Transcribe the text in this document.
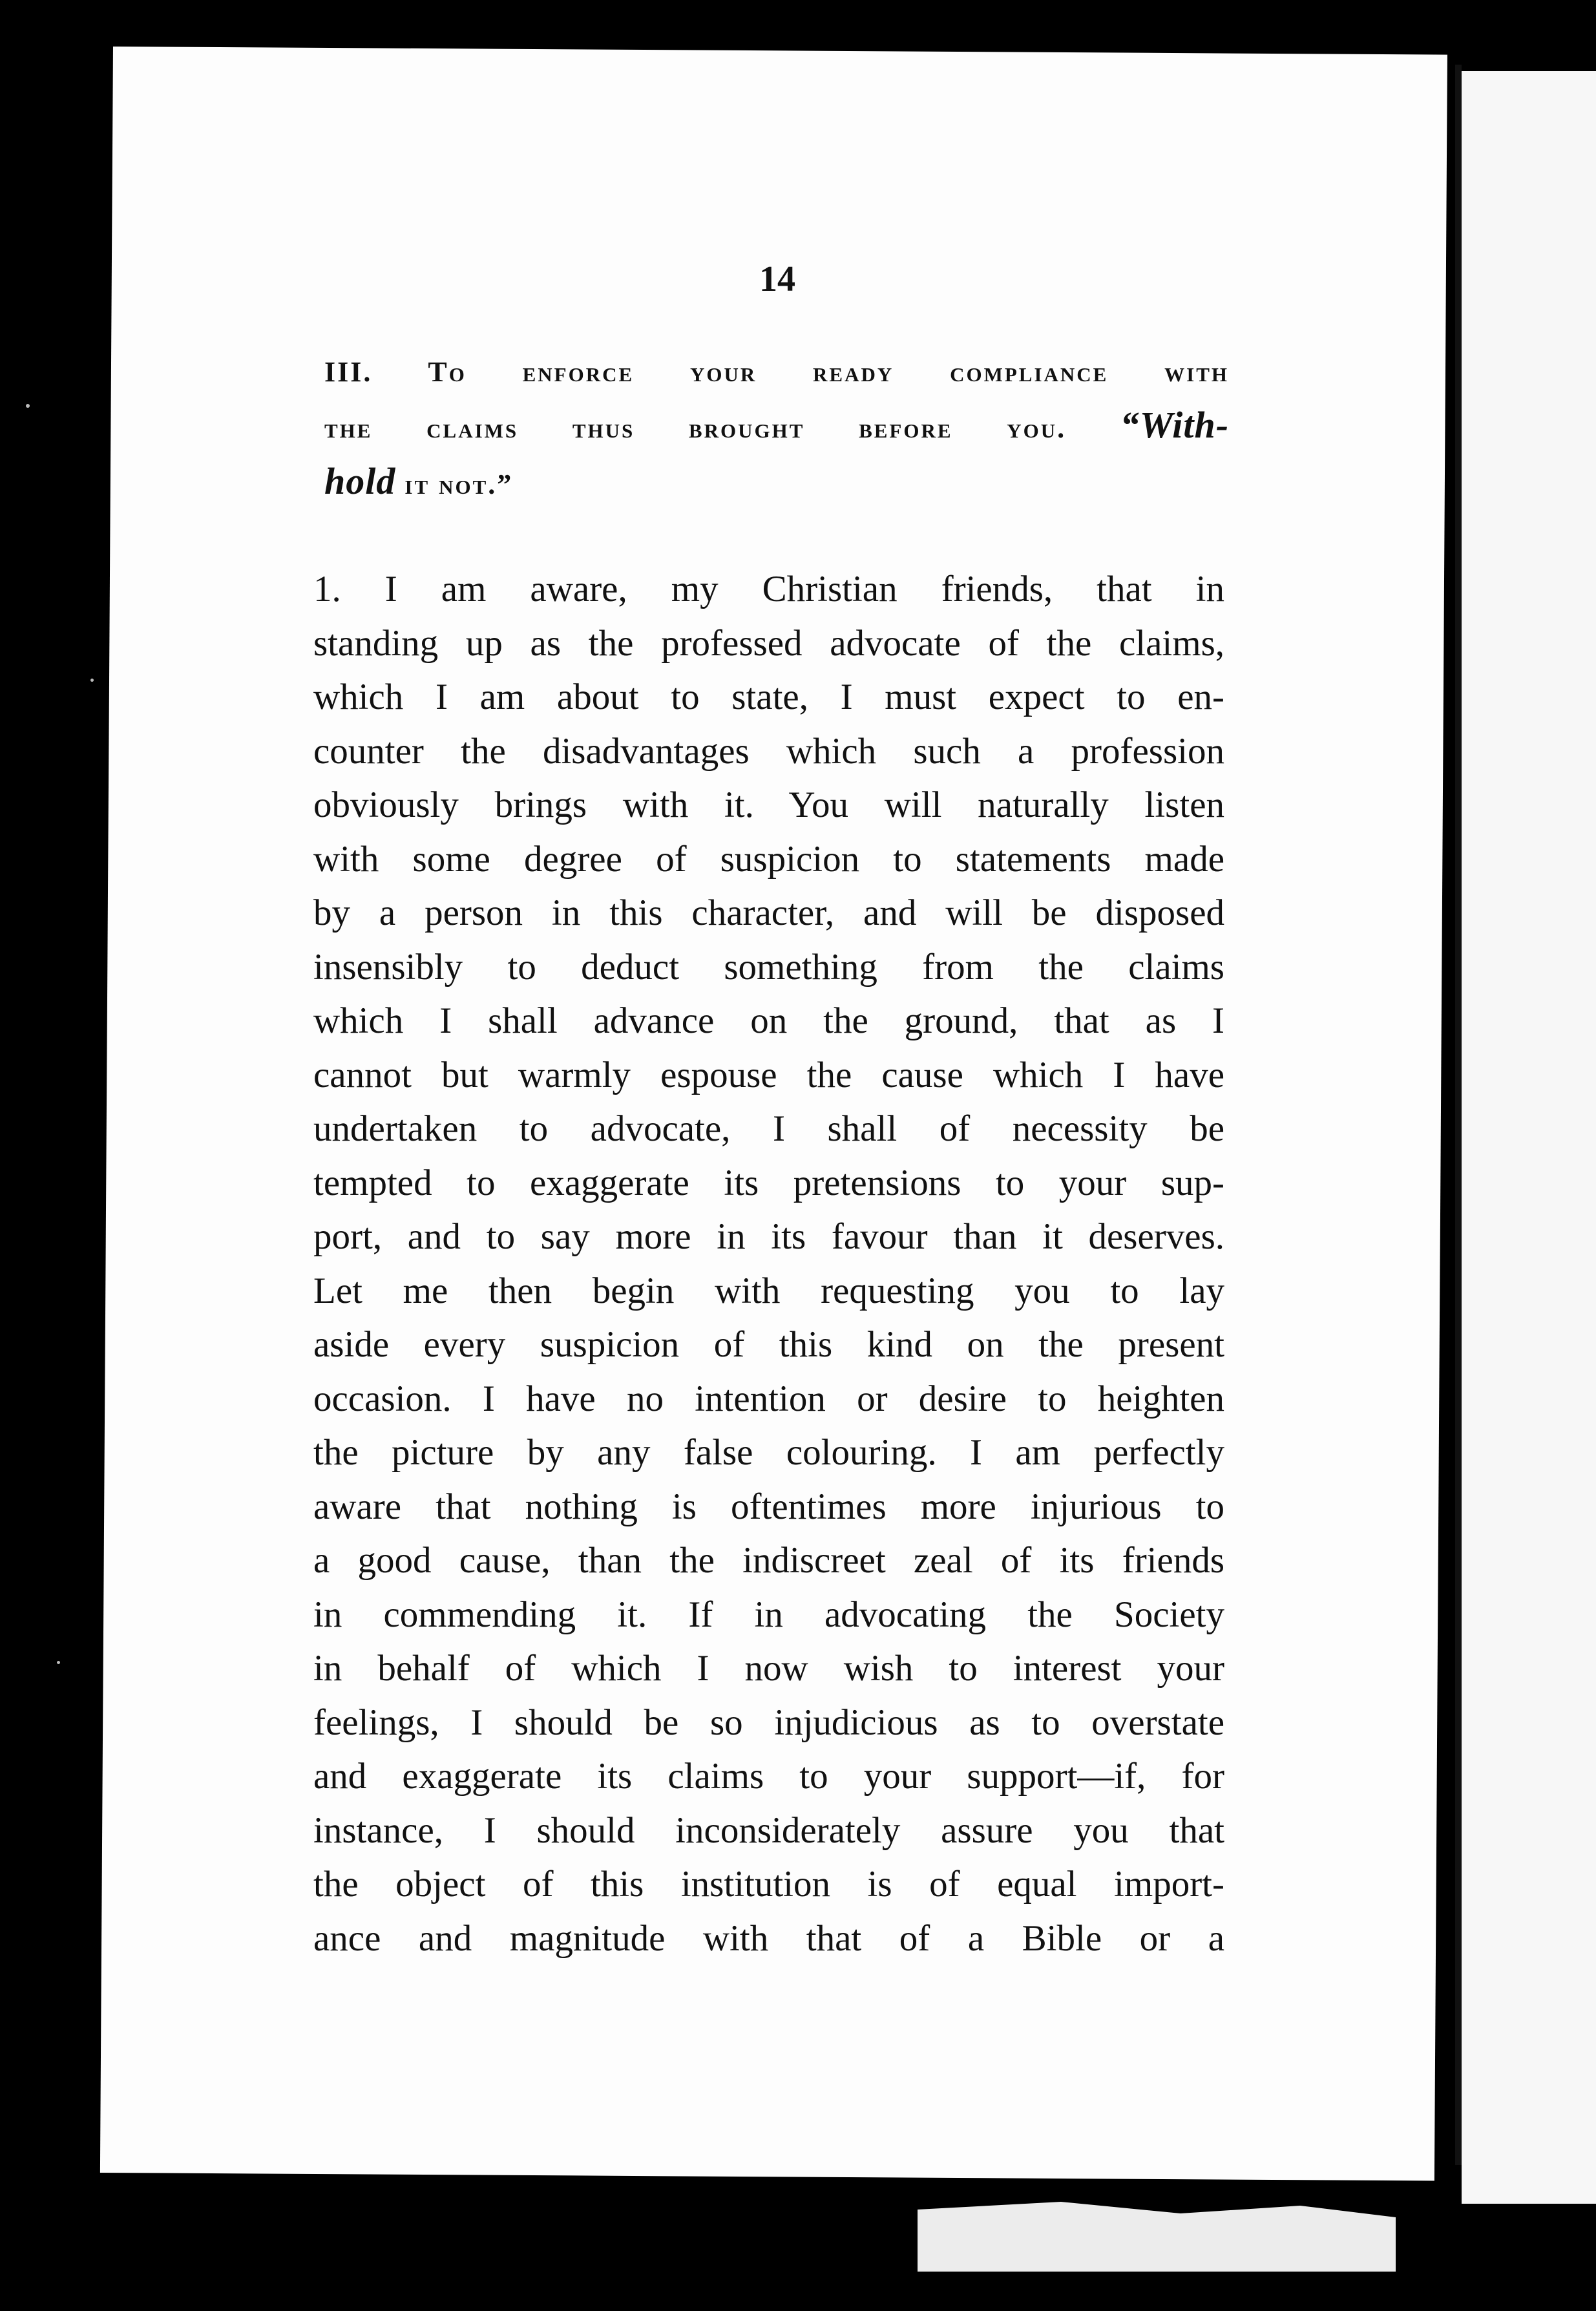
14
III. To enforce your ready compliance with
the claims thus brought before you. “With-
hold it not.”
1. I am aware, my Christian friends, that in
standing up as the professed advocate of the claims,
which I am about to state, I must expect to en-
counter the disadvantages which such a profession
obviously brings with it. You will naturally listen
with some degree of suspicion to statements made
by a person in this character, and will be disposed
insensibly to deduct something from the claims
which I shall advance on the ground, that as I
cannot but warmly espouse the cause which I have
undertaken to advocate, I shall of necessity be
tempted to exaggerate its pretensions to your sup-
port, and to say more in its favour than it deserves.
Let me then begin with requesting you to lay
aside every suspicion of this kind on the present
occasion. I have no intention or desire to heighten
the picture by any false colouring. I am perfectly
aware that nothing is oftentimes more injurious to
a good cause, than the indiscreet zeal of its friends
in commending it. If in advocating the Society
in behalf of which I now wish to interest your
feelings, I should be so injudicious as to overstate
and exaggerate its claims to your support—if, for
instance, I should inconsiderately assure you that
the object of this institution is of equal import-
ance and magnitude with that of a Bible or a
